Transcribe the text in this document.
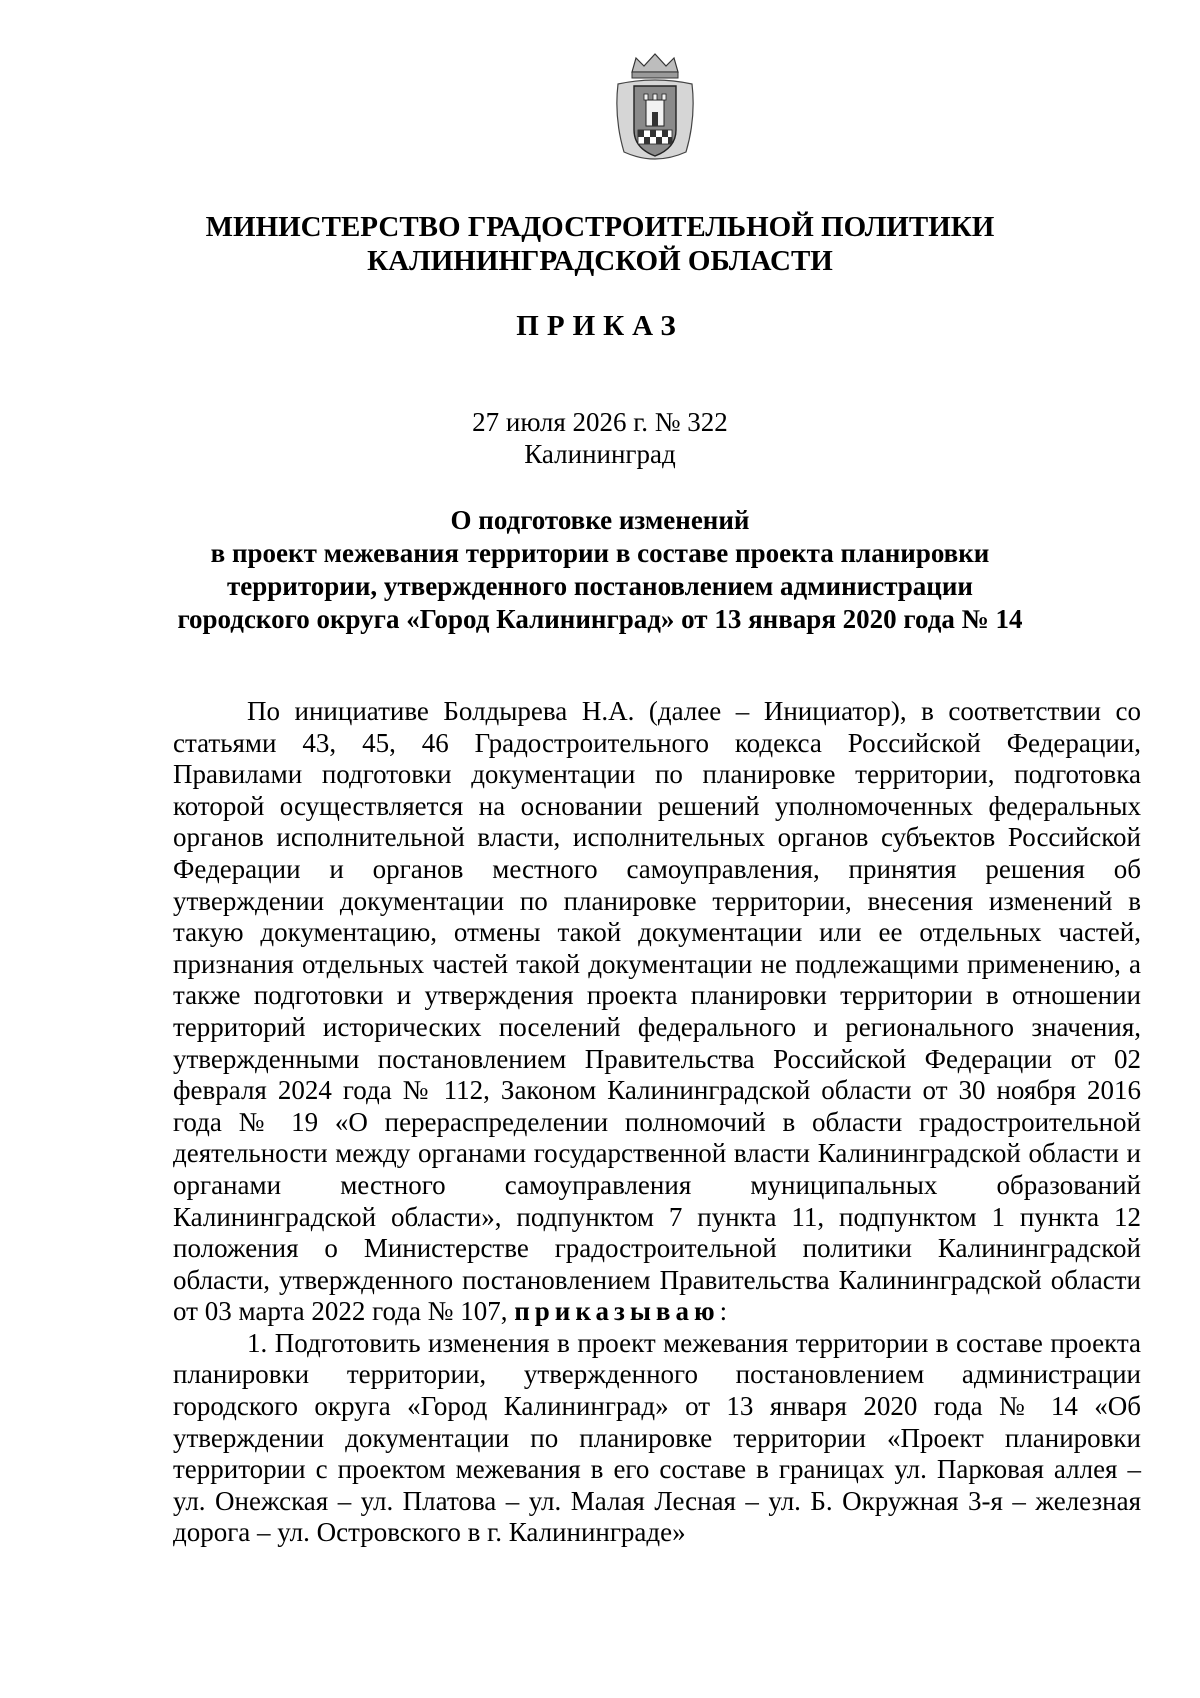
МИНИСТЕРСТВО ГРАДОСТРОИТЕЛЬНОЙ ПОЛИТИКИ
КАЛИНИНГРАДСКОЙ ОБЛАСТИ
ПРИКАЗ
27 июля 2026 г. № 322
Калининград
О подготовке изменений
в проект межевания территории в составе проекта планировки
территории, утвержденного постановлением администрации
городского округа «Город Калининград» от 13 января 2020 года № 14

По инициативе Болдырева Н.А. (далее – Инициатор), в соответствии со статьями 43, 45, 46 Градостроительного кодекса Российской Федерации, Правилами подготовки документации по планировке территории, подготовка которой осуществляется на основании решений уполномоченных федеральных органов исполнительной власти, исполнительных органов субъектов Российской Федерации и органов местного самоуправления, принятия решения об утверждении документации по планировке территории, внесения изменений в такую документацию, отмены такой документации или ее отдельных частей, признания отдельных частей такой документации не подлежащими применению, а также подготовки и утверждения проекта планировки территории в отношении территорий исторических поселений федерального и регионального значения, утвержденными постановлением Правительства Российской Федерации от 02 февраля 2024 года № 112, Законом Калининградской области от 30 ноября 2016 года № 19 «О перераспределении полномочий в области градостроительной деятельности между органами государственной власти Калининградской области и органами местного самоуправления муниципальных образований Калининградской области», подпунктом 7 пункта 11, подпунктом 1 пункта 12 положения о Министерстве градостроительной политики Калининградской области, утвержденного постановлением Правительства Калининградской области от 03 марта 2022 года № 107, приказываю:

1. Подготовить изменения в проект межевания территории в составе проекта планировки территории, утвержденного постановлением администрации городского округа «Город Калининград» от 13 января 2020 года № 14 «Об утверждении документации по планировке территории «Проект планировки территории с проектом межевания в его составе в границах ул. Парковая аллея – ул. Онежская – ул. Платова – ул. Малая Лесная – ул. Б. Окружная 3-я – железная дорога – ул. Островского в г. Калининграде»
